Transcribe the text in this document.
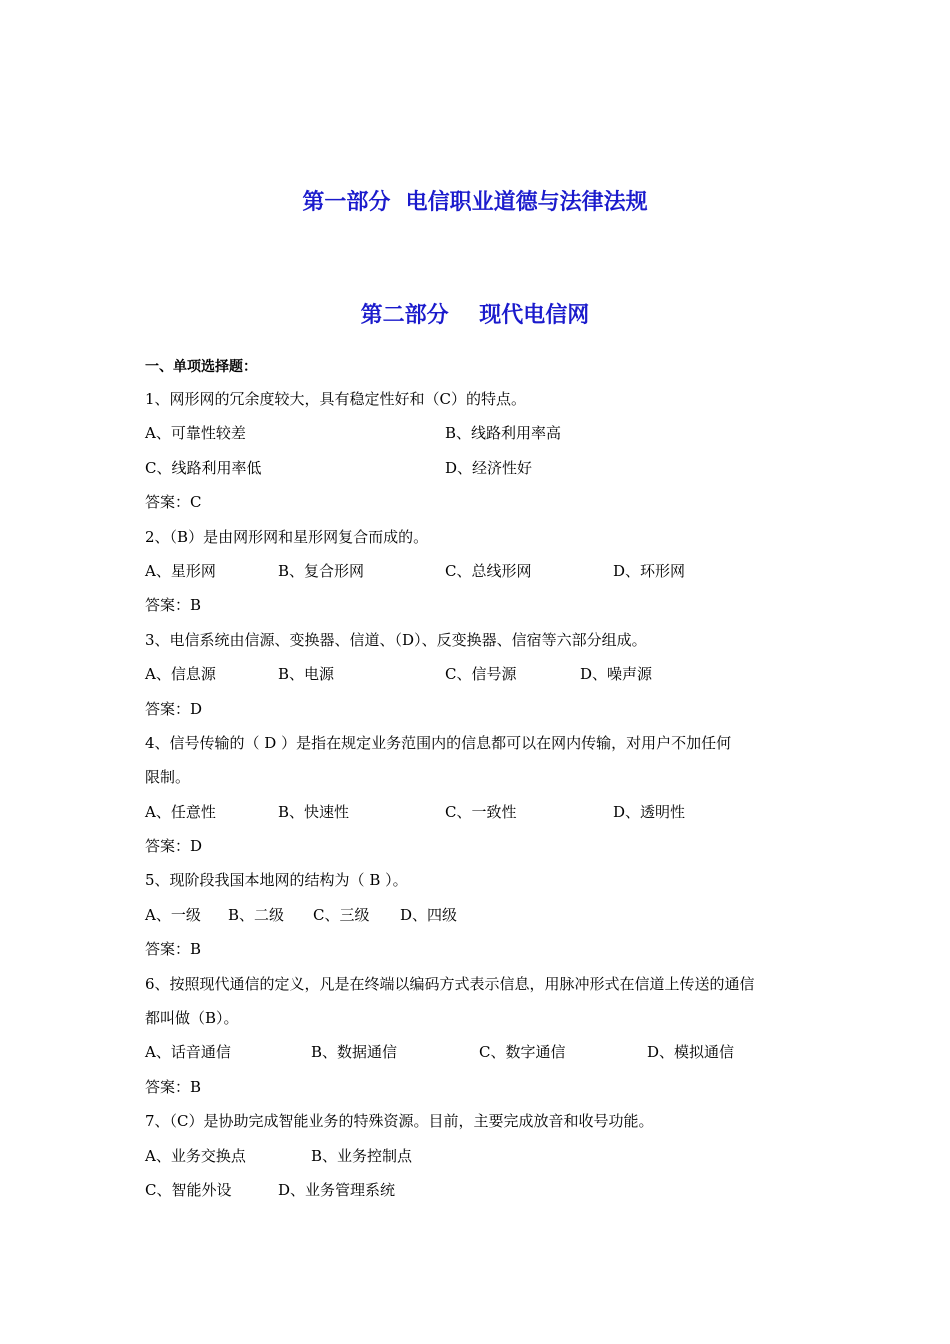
第一部分  电信职业道德与法律法规
第二部分    现代电信网
一、单项选择题：
1、网形网的冗余度较大，具有稳定性好和（C）的特点。
A、可靠性较差	B、线路利用率高
C、线路利用率低	D、经济性好
答案：C
2、（B）是由网形网和星形网复合而成的。
A、星形网	B、复合形网	C、总线形网	D、环形网
答案：B
3、电信系统由信源、变换器、信道、（D）、反变换器、信宿等六部分组成。
A、信息源	B、电源	C、信号源	D、噪声源
答案：D
4、信号传输的（ D ）是指在规定业务范围内的信息都可以在网内传输，对用户不加任何
限制。
A、任意性	B、快速性	C、一致性	D、透明性
答案：D
5、现阶段我国本地网的结构为（ B ）。
A、一级 B、二级 C、三级 D、四级
答案：B
6、按照现代通信的定义，凡是在终端以编码方式表示信息，用脉冲形式在信道上传送的通信
都叫做（B）。
A、话音通信	B、数据通信	C、数字通信	D、模拟通信
答案：B
7、（C）是协助完成智能业务的特殊资源。目前，主要完成放音和收号功能。
A、业务交换点	B、业务控制点
C、智能外设	D、业务管理系统
